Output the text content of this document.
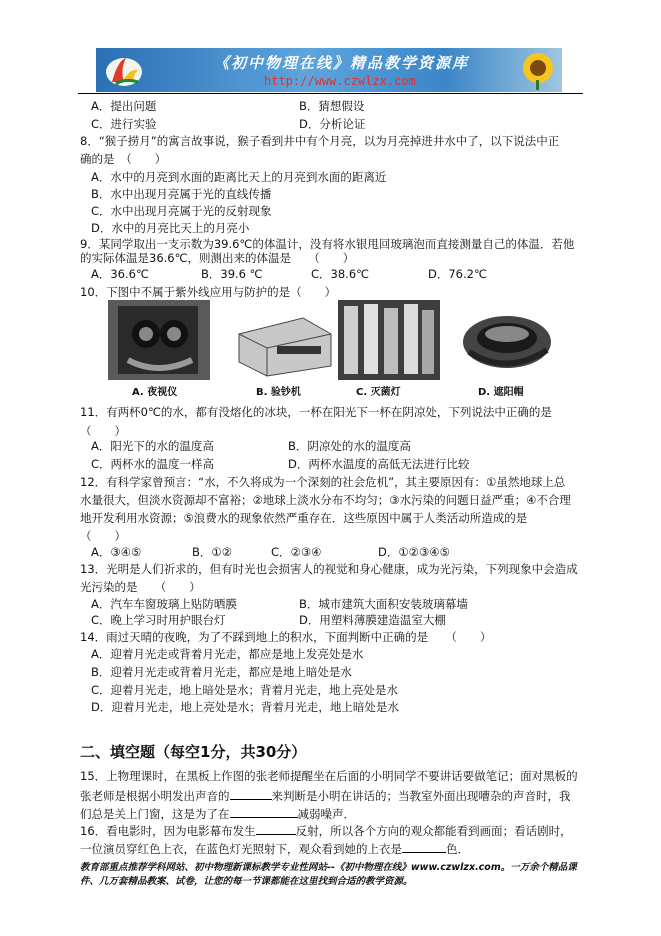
《初中物理在线》精品教学资源库
http://www.czwlzx.com
A．提出问题	B．猜想假设
C．进行实验	D．分析论证
8．“猴子捞月”的寓言故事说，猴子看到井中有个月亮，以为月亮掉进井水中了，以下说法中正
确的是　（　　）
A．水中的月亮到水面的距离比天上的月亮到水面的距离近
B．水中出现月亮属于光的直线传播
C．水中出现月亮属于光的反射现象
D．水中的月亮比天上的月亮小
9．某同学取出一支示数为39.6℃的体温计，没有将水银甩回玻璃泡而直接测量自己的体温．若他
的实际体温是36.6℃，则测出来的体温是　　（　　）
A．36.6℃	B．39.6 ℃	C．38.6℃	D．76.2℃
10．下图中不属于紫外线应用与防护的是（　　）
A. 夜视仪	B. 验钞机	C. 灭菌灯	D. 遮阳帽
11．有两杯0℃的水，都有没熔化的冰块，一杯在阳光下一杯在阴凉处，下列说法中正确的是
（　　）
A．阳光下的水的温度高	B．阴凉处的水的温度高
C．两杯水的温度一样高	D．两杯水温度的高低无法进行比较
12．有科学家曾预言：“水，不久将成为一个深刻的社会危机”，其主要原因有：①虽然地球上总
水量很大，但淡水资源却不富裕；②地球上淡水分布不均匀；③水污染的问题日益严重；④不合理
地开发利用水资源；⑤浪费水的现象依然严重存在．这些原因中属于人类活动所造成的是
（　　）
A．③④⑤	B．①②	C．②③④	D．①②③④⑤
13．光明是人们祈求的，但有时光也会损害人的视觉和身心健康，成为光污染，下列现象中会造成
光污染的是　　（　　）
A．汽车车窗玻璃上贴防晒膜	B．城市建筑大面积安装玻璃幕墙
C．晚上学习时用护眼台灯	D．用塑料薄膜建造温室大棚
14．雨过天晴的夜晚，为了不踩到地上的积水，下面判断中正确的是　　（　　）
A．迎着月光走或背着月光走，都应是地上发亮处是水
B．迎着月光走或背着月光走，都应是地上暗处是水
C．迎着月光走，地上暗处是水；背着月光走，地上亮处是水
D．迎着月光走，地上亮处是水；背着月光走，地上暗处是水
二、填空题（每空1分，共30分）
15．上物理课时，在黑板上作图的张老师提醒坐在后面的小明同学不要讲话要做笔记；面对黑板的
张老师是根据小明发出声音的	来判断是小明在讲话的；当教室外面出现嘈杂的声音时，我
们总是关上门窗，这是为了在	减弱噪声．
16．看电影时，因为电影幕布发生	反射，所以各个方向的观众都能看到画面；看话剧时，
一位演员穿红色上衣，在蓝色灯光照射下，观众看到她的上衣是	色．
教育部重点推荐学科网站、初中物理新课标教学专业性网站--《初中物理在线》www.czwlzx.com。一万余个精品课
件、几万套精品教案、试卷，让您的每一节课都能在这里找到合适的教学资源。
